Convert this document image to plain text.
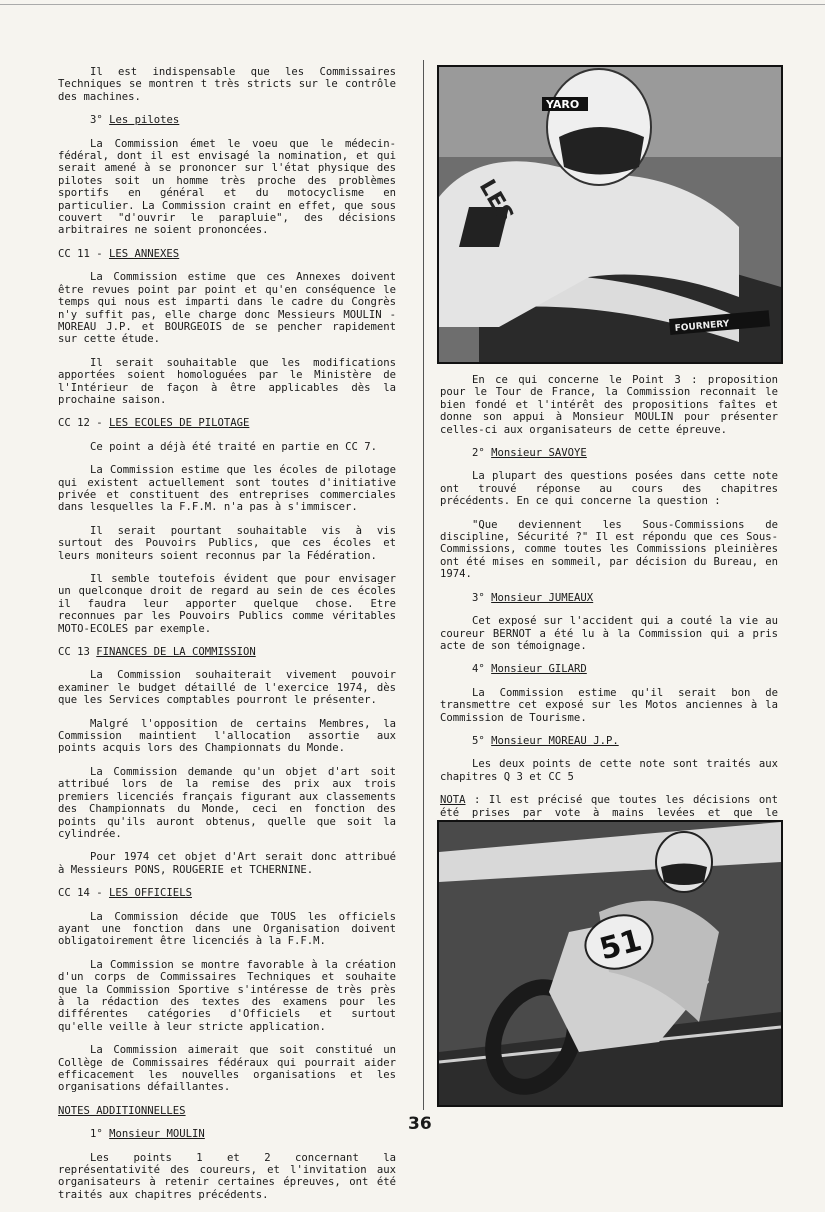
Il est indispensable que les Commissaires Techniques se montren t très stricts sur le contrôle des machines.

3° Les pilotes

La Commission émet le voeu que le médecin-fédéral, dont il est envisagé la nomination, et qui serait amené à se prononcer sur l'état physique des pilotes soit un homme très proche des problèmes sportifs en général et du motocyclisme en particulier. La Commission craint en effet, que sous couvert "d'ouvrir le parapluie", des décisions arbitraires ne soient prononcées.

CC 11 - LES ANNEXES

La Commission estime que ces Annexes doivent être revues point par point et qu'en conséquence le temps qui nous est imparti dans le cadre du Congrès n'y suffit pas, elle charge donc Messieurs MOULIN - MOREAU J.P. et BOURGEOIS de se pencher rapidement sur cette étude.

Il serait souhaitable que les modifications apportées soient homologuées par le Ministère de l'Intérieur de façon à être applicables dès la prochaine saison.

CC 12 - LES ECOLES DE PILOTAGE

Ce point a déjà été traité en partie en CC 7.

La Commission estime que les écoles de pilotage qui existent actuellement sont toutes d'initiative privée et constituent des entreprises commerciales dans lesquelles la F.F.M. n'a pas à s'immiscer.

Il serait pourtant souhaitable vis à vis surtout des Pouvoirs Publics, que ces écoles et leurs moniteurs soient reconnus par la Fédération.

Il semble toutefois évident que pour envisager un quelconque droit de regard au sein de ces écoles il faudra leur apporter quelque chose. Etre reconnues par les Pouvoirs Publics comme véritables MOTO-ECOLES par exemple.

CC 13 FINANCES DE LA COMMISSION

La Commission souhaiterait vivement pouvoir examiner le budget détaillé de l'exercice 1974, dès que les Services comptables pourront le présenter.

Malgré l'opposition de certains Membres, la Commission maintient l'allocation assortie aux points acquis lors des Championnats du Monde.

La Commission demande qu'un objet d'art soit attribué lors de la remise des prix aux trois premiers licenciés français figurant aux classements des Championnats du Monde, ceci en fonction des points qu'ils auront obtenus, quelle que soit la cylindrée.

Pour 1974 cet objet d'Art serait donc attribué à Messieurs PONS, ROUGERIE et TCHERNINE.

CC 14 - LES OFFICIELS

La Commission décide que TOUS les officiels ayant une fonction dans une Organisation doivent obligatoirement être licenciés à la F.F.M.

La Commission se montre favorable à la création d'un corps de Commissaires Techniques et souhaite que la Commission Sportive s'intéresse de très près à la rédaction des textes des examens pour les différentes catégories d'Officiels et surtout qu'elle veille à leur stricte application.

La Commission aimerait que soit constitué un Collège de Commissaires fédéraux qui pourrait aider efficacement les nouvelles organisations et les organisations défaillantes.

NOTES ADDITIONNELLES
1° Monsieur MOULIN

Les points 1 et 2 concernant la représentativité des coureurs, et l'invitation aux organisateurs à retenir certaines épreuves, ont été traités aux chapitres précédents.

En ce qui concerne le Point 3 : proposition pour le Tour de France, la Commission reconnait le bien fondé et l'intérêt des propositions faîtes et donne son appui à Monsieur MOULIN pour présenter celles-ci aux organisateurs de cette épreuve.

2° Monsieur SAVOYE

La plupart des questions posées dans cette note ont trouvé réponse au cours des chapitres précédents. En ce qui concerne la question :

"Que deviennent les Sous-Commissions de discipline, Sécurité ?" Il est répondu que ces Sous-Commissions, comme toutes les Commissions pleinières ont été mises en sommeil, par décision du Bureau, en 1974.

3° Monsieur JUMEAUX

Cet exposé sur l'accident qui a couté la vie au coureur BERNOT a été lu à la Commission qui a pris acte de son témoignage.

4° Monsieur GILARD

La Commission estime qu'il serait bon de transmettre cet exposé sur les Motos anciennes à la Commission de Tourisme.

5° Monsieur MOREAU J.P.

Les deux points de cette note sont traités aux chapitres Q 3 et CC 5

NOTA : Il est précisé que toutes les décisions ont été prises par vote à mains levées et que le

YARO
LES
FOURNERY
51
36
